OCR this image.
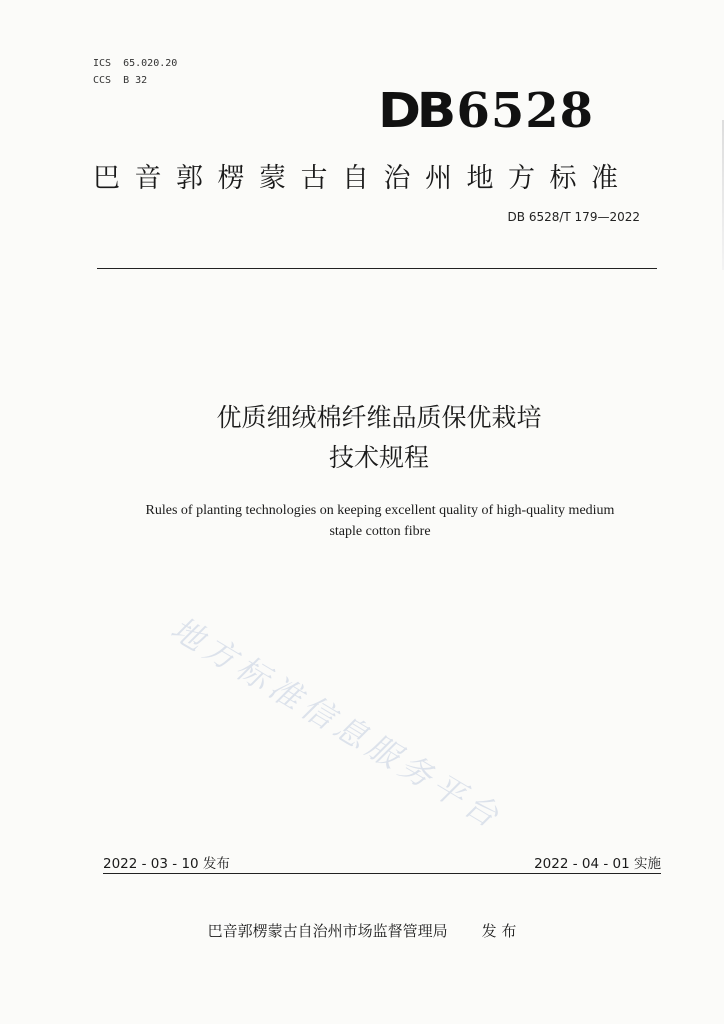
ICS  65.020.20
CCS  B 32
DB 6528
巴音郭楞蒙古自治州地方标准
DB 6528/T 179—2022
优质细绒棉纤维品质保优栽培
技术规程
Rules of planting technologies on keeping excellent quality of high-quality medium
staple cotton fibre
地方标准信息服务平台
2022 - 03 - 10 发布	2022 - 04 - 01 实施
巴音郭楞蒙古自治州市场监督管理局 发 布
